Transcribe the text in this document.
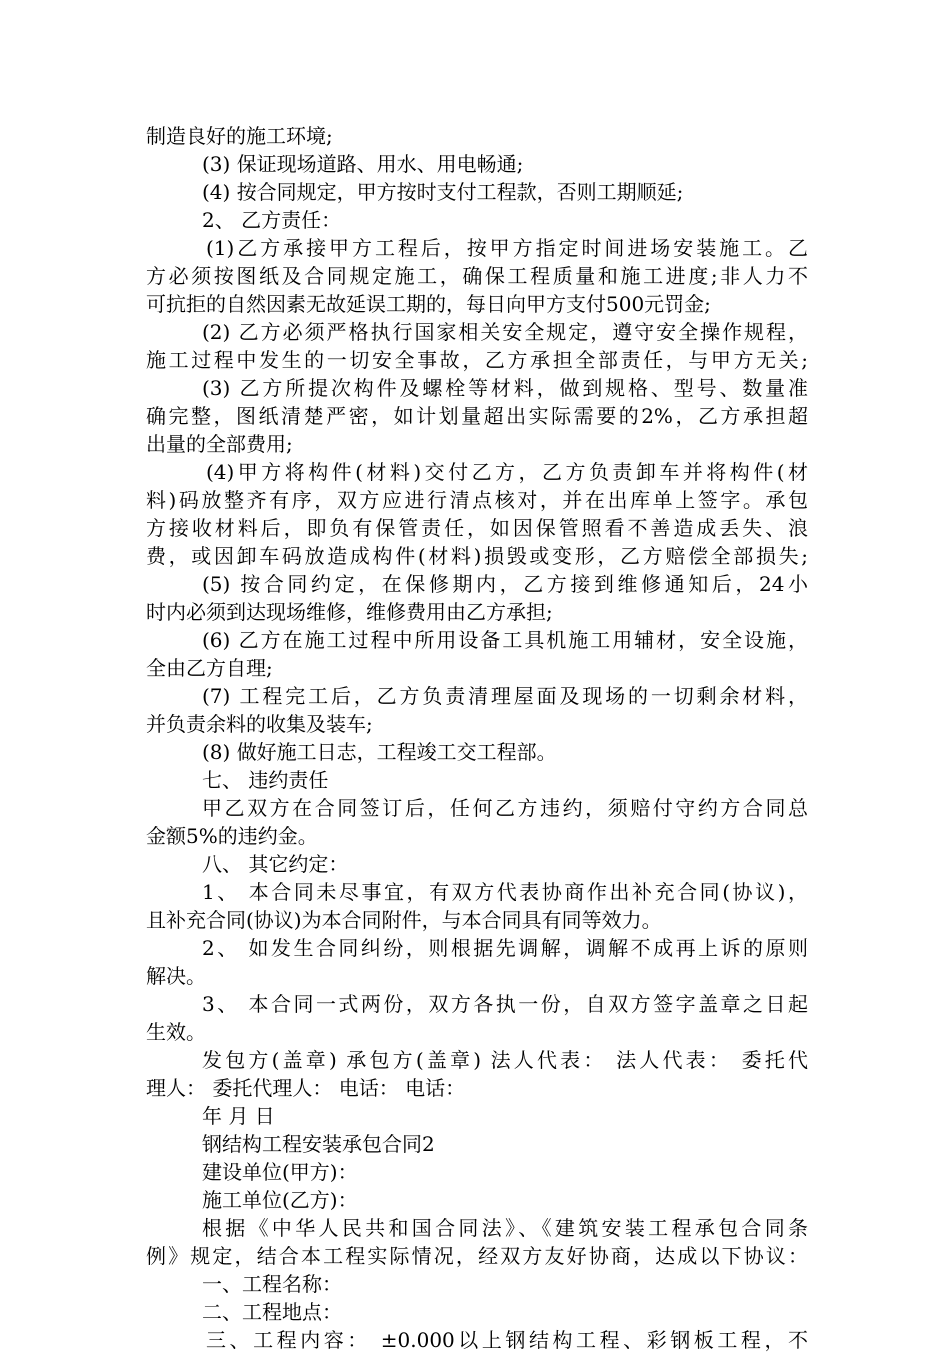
制造良好的施工环境;
(3) 保证现场道路、用水、用电畅通;
(4) 按合同规定，甲方按时支付工程款，否则工期顺延;
2、 乙方责任：
(1)乙方承接甲方工程后，按甲方指定时间进场安装施工。乙
方必须按图纸及合同规定施工，确保工程质量和施工进度;非人力不
可抗拒的自然因素无故延误工期的，每日向甲方支付500元罚金;
(2) 乙方必须严格执行国家相关安全规定，遵守安全操作规程，
施工过程中发生的一切安全事故，乙方承担全部责任，与甲方无关;
(3) 乙方所提次构件及螺栓等材料，做到规格、型号、数量准
确完整，图纸清楚严密，如计划量超出实际需要的2%，乙方承担超
出量的全部费用;
(4)甲方将构件(材料)交付乙方，乙方负责卸车并将构件(材
料)码放整齐有序，双方应进行清点核对，并在出库单上签字。承包
方接收材料后，即负有保管责任，如因保管照看不善造成丢失、浪
费，或因卸车码放造成构件(材料)损毁或变形，乙方赔偿全部损失;
(5) 按合同约定，在保修期内，乙方接到维修通知后，24小
时内必须到达现场维修，维修费用由乙方承担;
(6) 乙方在施工过程中所用设备工具机施工用辅材，安全设施，
全由乙方自理;
(7) 工程完工后，乙方负责清理屋面及现场的一切剩余材料，
并负责余料的收集及装车;
(8) 做好施工日志，工程竣工交工程部。
七、 违约责任
甲乙双方在合同签订后，任何乙方违约，须赔付守约方合同总
金额5%的违约金。
八、 其它约定：
1、 本合同未尽事宜，有双方代表协商作出补充合同(协议)，
且补充合同(协议)为本合同附件，与本合同具有同等效力。
2、 如发生合同纠纷，则根据先调解，调解不成再上诉的原则
解决。
3、 本合同一式两份，双方各执一份，自双方签字盖章之日起
生效。
发包方(盖章) 承包方(盖章) 法人代表： 法人代表： 委托代
理人： 委托代理人： 电话： 电话：
年 月 日
钢结构工程安装承包合同2
建设单位(甲方)：
施工单位(乙方)：
根据《中华人民共和国合同法》、《建筑安装工程承包合同条
例》规定，结合本工程实际情况，经双方友好协商，达成以下协议：
一、工程名称：
二、工程地点：
三、工程内容： ±0.000以上钢结构工程、彩钢板工程，不
